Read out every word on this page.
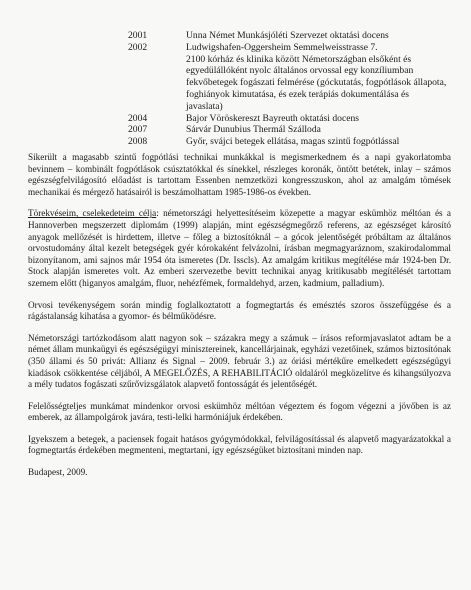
2001	Unna Német Munkásjóléti Szervezet oktatási docens
2002	Ludwigshafen-Oggersheim Semmelweisstrasse 7.
2100 kórház és klinika között Németországban elsőként és egyedülállóként nyolc általános orvossal egy konzíliumban fekvőbetegek fogászati felmérése (góckutatás, fogpótlások állapota, foghiányok kimutatása, és ezek terápiás dokumentálása és javaslata)
2004	Bajor Vöröskereszt Bayreuth oktatási docens
2007	Sárvár Dunubius Thermál Szálloda
2008	Győr, svájci betegek ellátása, magas szintű fogpótlással

Sikerült a magasabb szintű fogpótlási technikai munkákkal is megismerkednem és a napi gyakorlatomba bevinnem – kombinált fogpótlások csúsztatókkal és sínekkel, részleges koronák, öntött betétek, inlay – számos egészségfelvilágosító előadást is tartottam Essenben nemzetközi kongresszuskon, ahol az amalgám tömések mechanikai és mérgező hatásairól is beszámolhattam 1985-1986-os években.

Törekvéseim, cselekedeteim célja: németországi helyettesítéseim közepette a magyar eskümhöz méltóan és a Hannoverben megszerzett diplomám (1999) alapján, mint egészségmegőrző referens, az egészséget károsító anyagok mellőzését is hirdettem, illetve – főleg a biztosítóknál – a gócok jelentőségét próbáltam az általános orvostudomány által kezelt betegségek gyér kórokaként felvázolni, írásban megmagyaráznom, szakirodalommal bizonyítanom, ami sajnos már 1954 óta ismeretes (Dr. Isscls). Az amalgám kritikus megítélése már 1924-ben Dr. Stock alapján ismeretes volt. Az emberi szervezetbe bevitt technikai anyag kritikusabb megítélését tartottam szemem előtt (higanyos amalgám, fluor, nehézfémek, formaldehyd, arzen, kadmium, palladium).

Orvosi tevékenységem során mindig foglalkoztatott a fogmegtartás és emésztés szoros összefüggése és a rágástalanság kihatása a gyomor- és bélműködésre.

Németországi tartózkodásom alatt nagyon sok – százakra megy a számuk – írásos reformjavaslatot adtam be a német állam munkaügyi és egészségügyi minisztereinek, kancellárjainak, egyházi vezetőinek, számos biztosítónak (350 állami és 50 privát: Allianz és Signal – 2009. február 3.) az óriási mértékűre emelkedett egészségügyi kiadások csökkentése céljából, A MEGELŐZÉS, A REHABILITÁCIÓ oldaláról megközelítve és kihangsúlyozva a mély tudatos fogászati szűrővizsgálatok alapvető fontosságát és jelentőségét.

Felelősségteljes munkámat mindenkor orvosi eskümhöz méltóan végeztem és fogom végezni a jövőben is az emberek, az állampolgárok javára, testi-lelki harmóniájuk érdekében.

Igyekszem a betegek, a paciensek fogait hatásos gyógymódokkal, felvilágosítással és alapvető magyarázatokkal a fogmegtartás érdekében megmenteni, megtartani, így egészségüket biztosítani minden nap.

Budapest, 2009.
